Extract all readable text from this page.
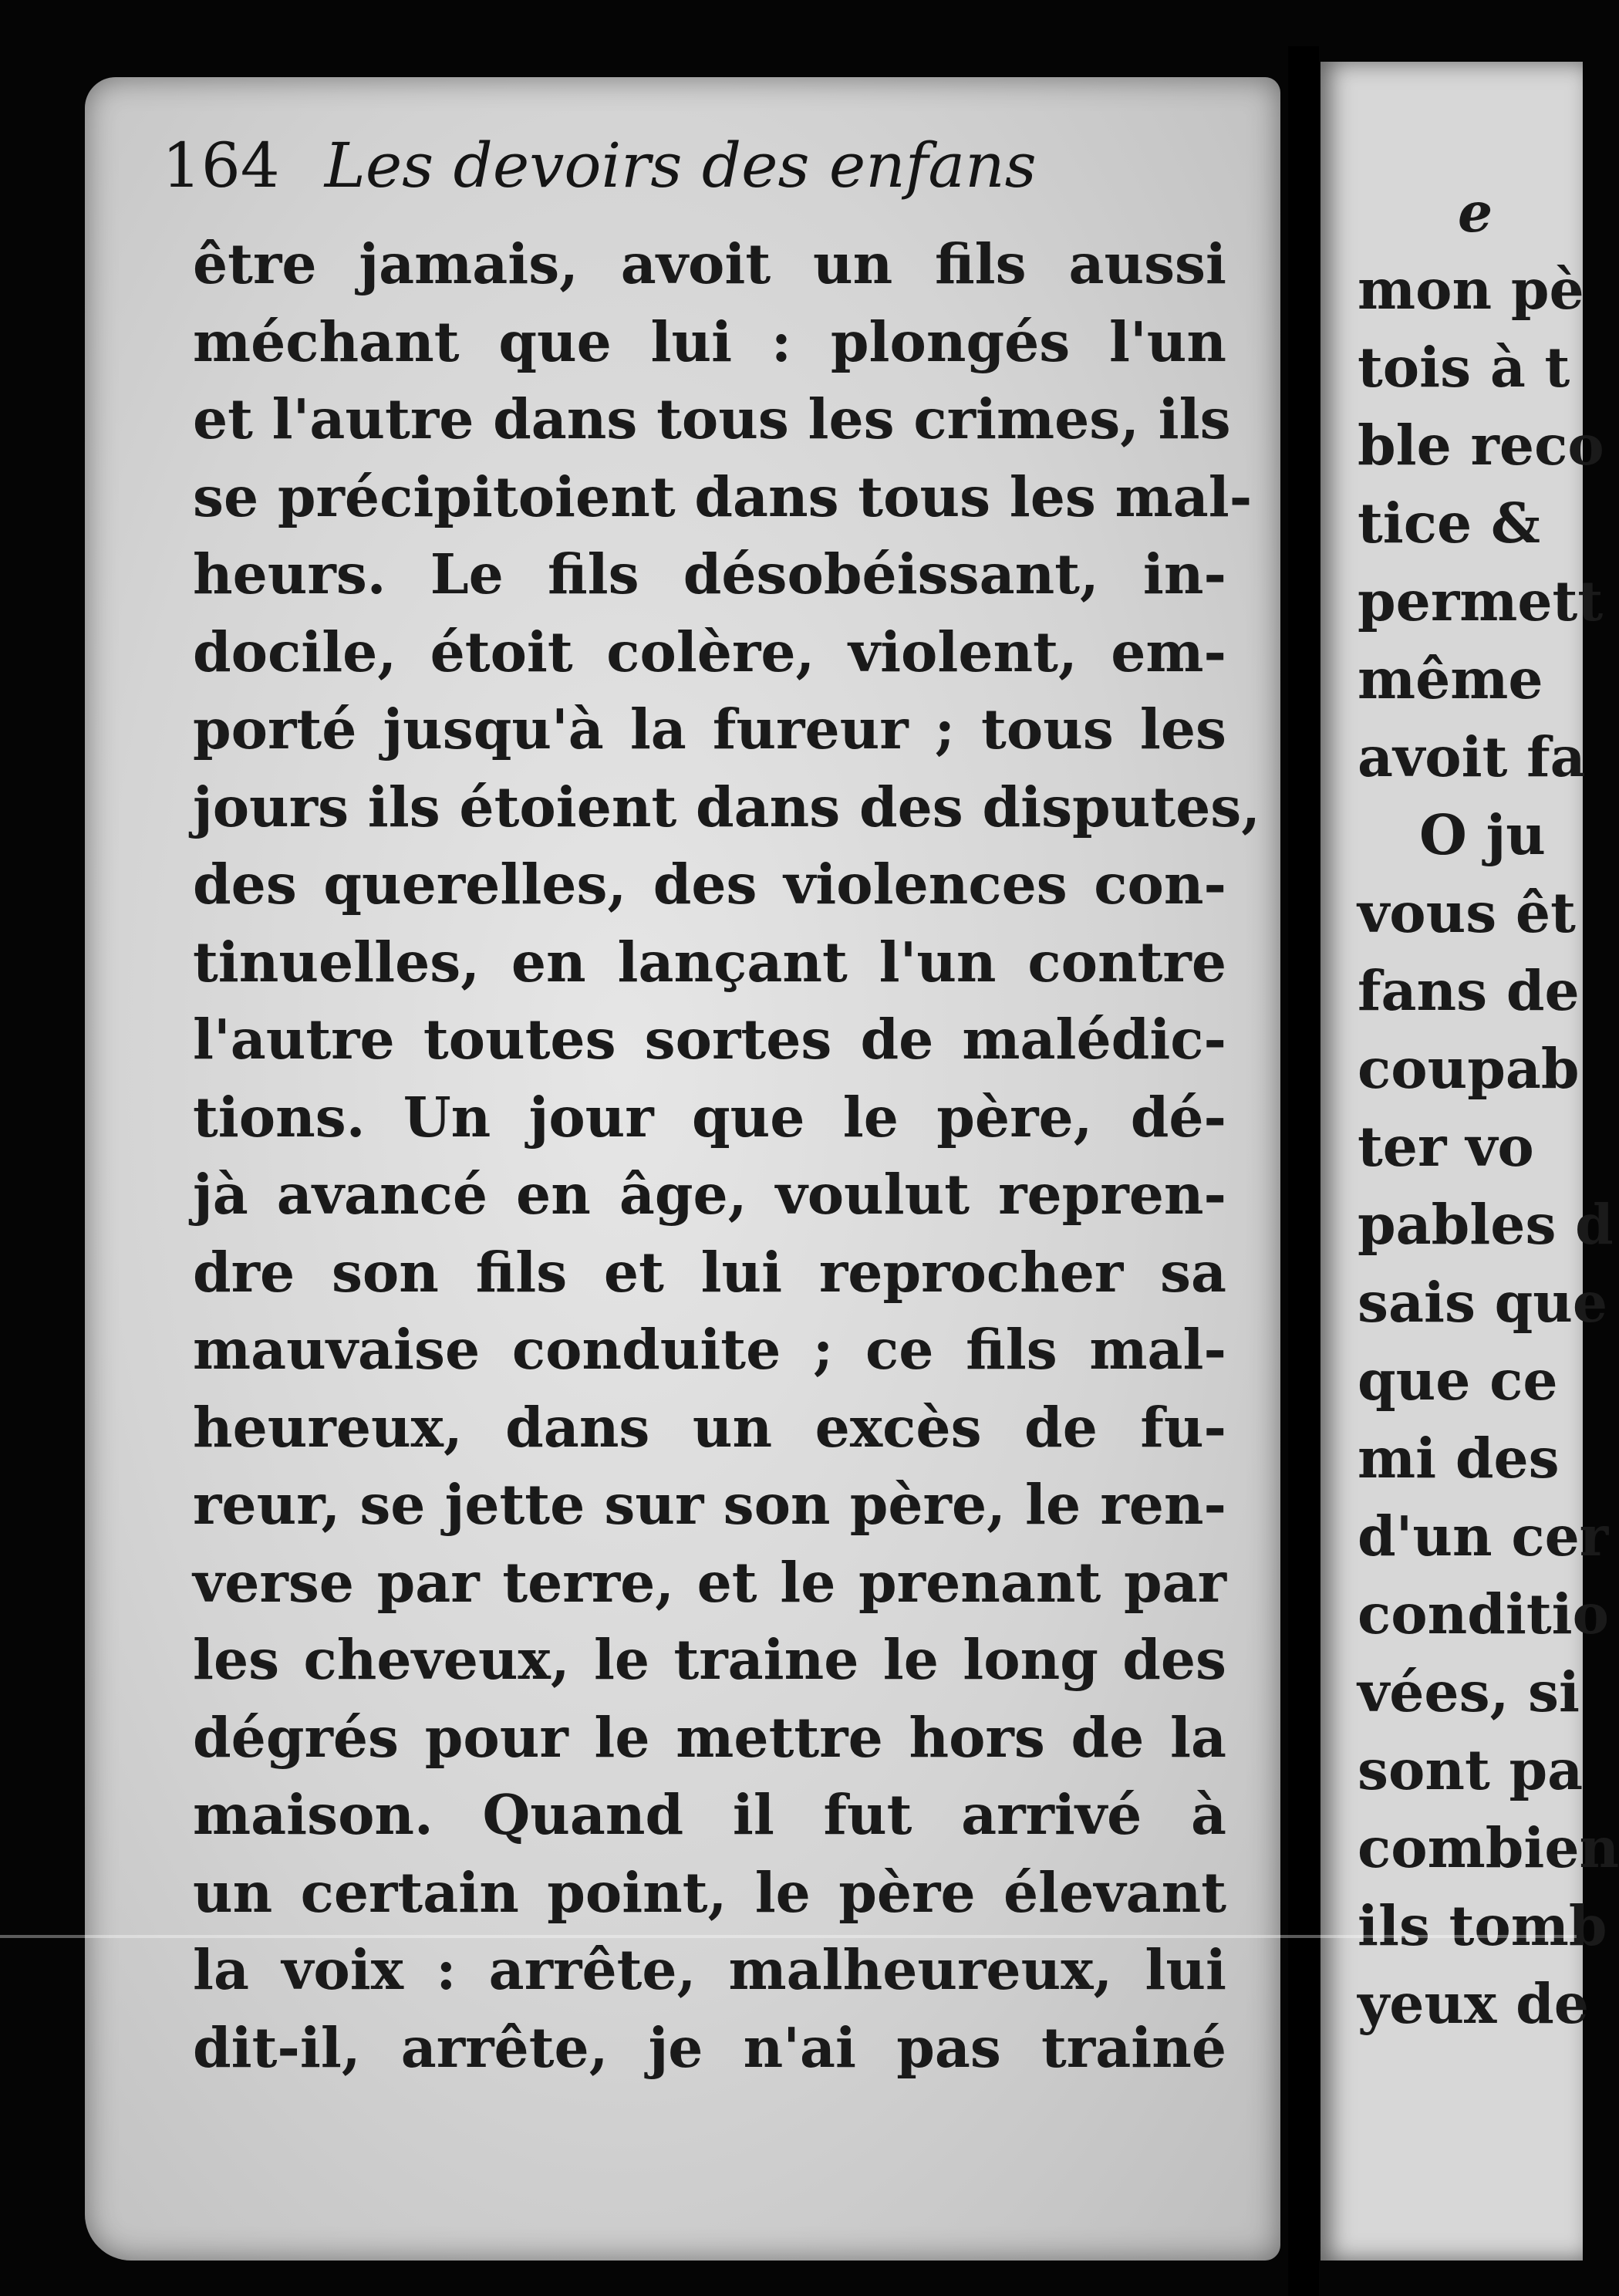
164 Les devoirs des enfans
être jamais, avoit un fils aussi
méchant que lui : plongés l'un
et l'autre dans tous les crimes, ils
se précipitoient dans tous les mal-
heurs. Le fils désobéissant, in-
docile, étoit colère, violent, em-
porté jusqu'à la fureur ; tous les
jours ils étoient dans des disputes,
des querelles, des violences con-
tinuelles, en lançant l'un contre
l'autre toutes sortes de malédic-
tions. Un jour que le père, dé-
jà avancé en âge, voulut repren-
dre son fils et lui reprocher sa
mauvaise conduite ; ce fils mal-
heureux, dans un excès de fu-
reur, se jette sur son père, le ren-
verse par terre, et le prenant par
les cheveux, le traine le long des
dégrés pour le mettre hors de la
maison. Quand il fut arrivé à
un certain point, le père élevant
la voix : arrête, malheureux, lui
dit-il, arrête, je n'ai pas trainé
e
mon pè
tois à t
ble reco
tice &
permett
même
avoit fa
O ju
vous êt
fans de
coupab
ter vo
pables d
sais que
que ce
mi des
d'un cer
conditio
vées, si
sont pa
combien
ils tomb
yeux de
